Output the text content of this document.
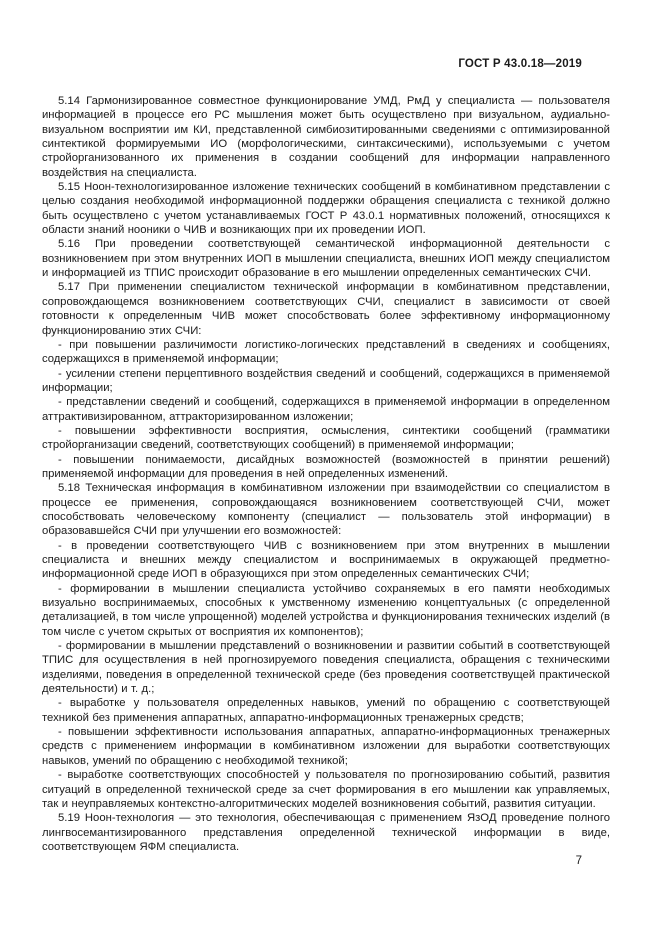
ГОСТ Р 43.0.18—2019

5.14 Гармонизированное совместное функционирование УМД, РмД у специалиста — пользователя информацией в процессе его РС мышления может быть осуществлено при визуальном, аудиально-визуальном восприятии им КИ, представленной симбиозитированными сведениями с оптимизированной синтектикой формируемыми ИО (морфологическими, синтаксическими), используемыми с учетом стройорганизованного их применения в создании сообщений для информации направленного воздействия на специалиста.

5.15 Ноон-технологизированное изложение технических сообщений в комбинативном представлении с целью создания необходимой информационной поддержки обращения специалиста с техникой должно быть осуществлено с учетом устанавливаемых ГОСТ Р 43.0.1 нормативных положений, относящихся к области знаний нооники о ЧИВ и возникающих при их проведении ИОП.

5.16 При проведении соответствующей семантической информационной деятельности с возникновением при этом внутренних ИОП в мышлении специалиста, внешних ИОП между специалистом и информацией из ТПИС происходит образование в его мышлении определенных семантических СЧИ.

5.17 При применении специалистом технической информации в комбинативном представлении, сопровождающемся возникновением соответствующих СЧИ, специалист в зависимости от своей готовности к определенным ЧИВ может способствовать более эффективному информационному функционированию этих СЧИ:

- при повышении различимости логистико-логических представлений в сведениях и сообщениях, содержащихся в применяемой информации;

- усилении степени перцептивного воздействия сведений и сообщений, содержащихся в применяемой информации;

- представлении сведений и сообщений, содержащихся в применяемой информации в определенном аттрактивизированном, аттракторизированном изложении;

- повышении эффективности восприятия, осмысления, синтектики сообщений (грамматики стройорганизации сведений, соответствующих сообщений) в применяемой информации;

- повышении понимаемости, дисайдных возможностей (возможностей в принятии решений) применяемой информации для проведения в ней определенных изменений.

5.18 Техническая информация в комбинативном изложении при взаимодействии со специалистом в процессе ее применения, сопровождающаяся возникновением соответствующей СЧИ, может способствовать человеческому компоненту (специалист — пользователь этой информации) в образовавшейся СЧИ при улучшении его возможностей:

- в проведении соответствующего ЧИВ с возникновением при этом внутренних в мышлении специалиста и внешних между специалистом и воспринимаемых в окружающей предметно-информационной среде ИОП в образующихся при этом определенных семантических СЧИ;

- формировании в мышлении специалиста устойчиво сохраняемых в его памяти необходимых визуально воспринимаемых, способных к умственному изменению концептуальных (с определенной детализацией, в том числе упрощенной) моделей устройства и функционирования технических изделий (в том числе с учетом скрытых от восприятия их компонентов);

- формировании в мышлении представлений о возникновении и развитии событий в соответствующей ТПИС для осуществления в ней прогнозируемого поведения специалиста, обращения с техническими изделиями, поведения в определенной технической среде (без проведения соответствущей практической деятельности) и т. д.;

- выработке у пользователя определенных навыков, умений по обращению с соответствующей техникой без применения аппаратных, аппаратно-информационных тренажерных средств;

- повышении эффективности использования аппаратных, аппаратно-информационных тренажерных средств с применением информации в комбинативном изложении для выработки соответствующих навыков, умений по обращению с необходимой техникой;

- выработке соответствующих способностей у пользователя по прогнозированию событий, развития ситуаций в определенной технической среде за счет формирования в его мышлении как управляемых, так и неуправляемых контекстно-алгоритмических моделей возникновения событий, развития ситуации.

5.19 Ноон-технология — это технология, обеспечивающая с применением ЯзОД проведение полного лингвосемантизированного представления определенной технической информации в виде, соответствующем ЯФМ специалиста.

7
